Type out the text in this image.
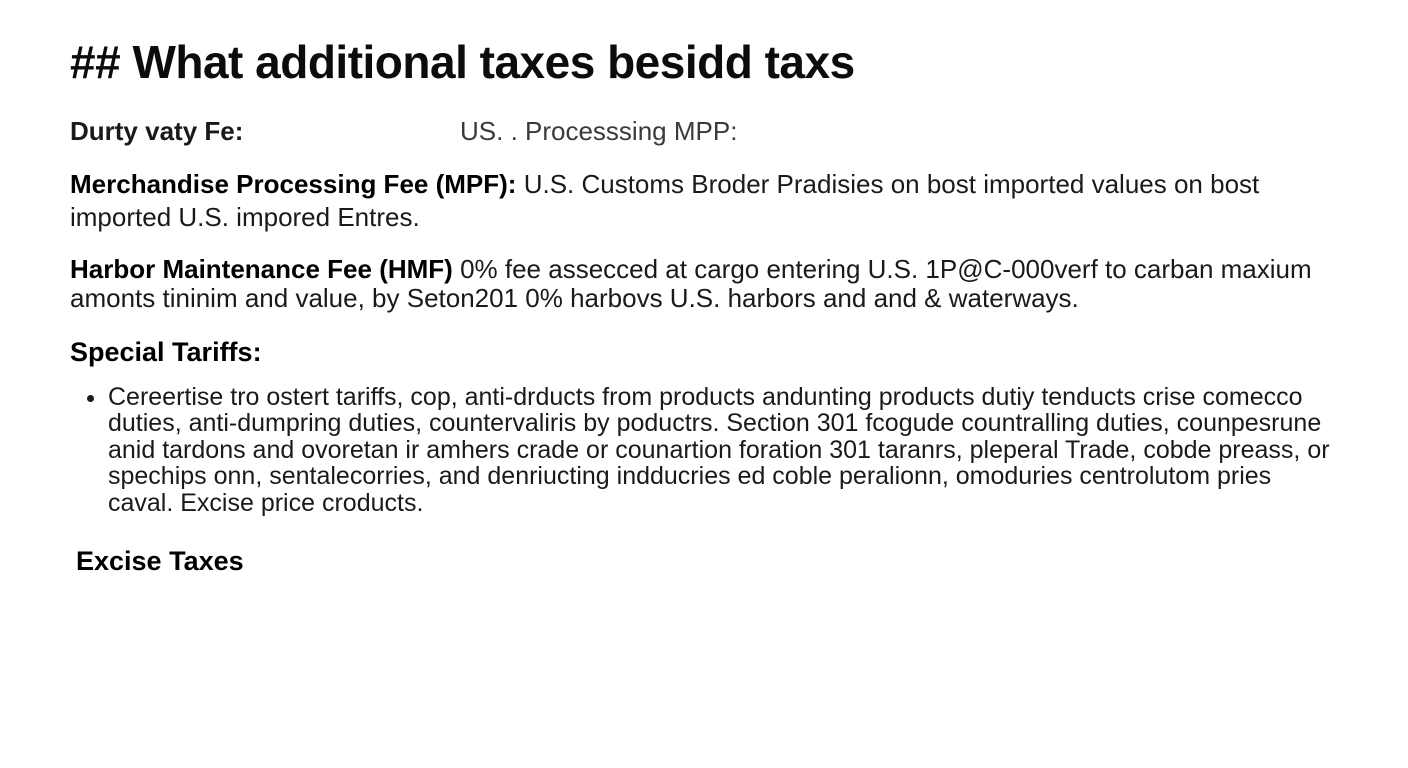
## What additional taxes besidd taxs

Durty vaty Fe:	US. . Processsing MPP:

Merchandise Processing Fee (MPF): U.S. Customs Broder Pradisies on bost imported values on bost imported U.S. impored Entres.

Harbor Maintenance Fee (HMF) 0% fee assecced at cargo entering U.S. 1P@C-000verf to carban maxium amonts tininim and value, by Seton201 0% harbovs U.S. harbors and and & waterways.

Special Tariffs:
• Cereertise tro ostert tariffs, cop, anti-drducts from products andunting products dutiy tenducts crise comecco duties, anti-dumpring duties, countervaliris by poductrs. Section 301 fcogude countralling duties, counpesrune anid tardons and ovoretan ir amhers crade or counartion foration 301 taranrs, pleperal Trade, cobde preass, or spechips onn, sentalecorries, and denriucting indducries ed coble peralionn, omoduries centrolutom pries caval. Excise price croducts.
Excise Taxes
